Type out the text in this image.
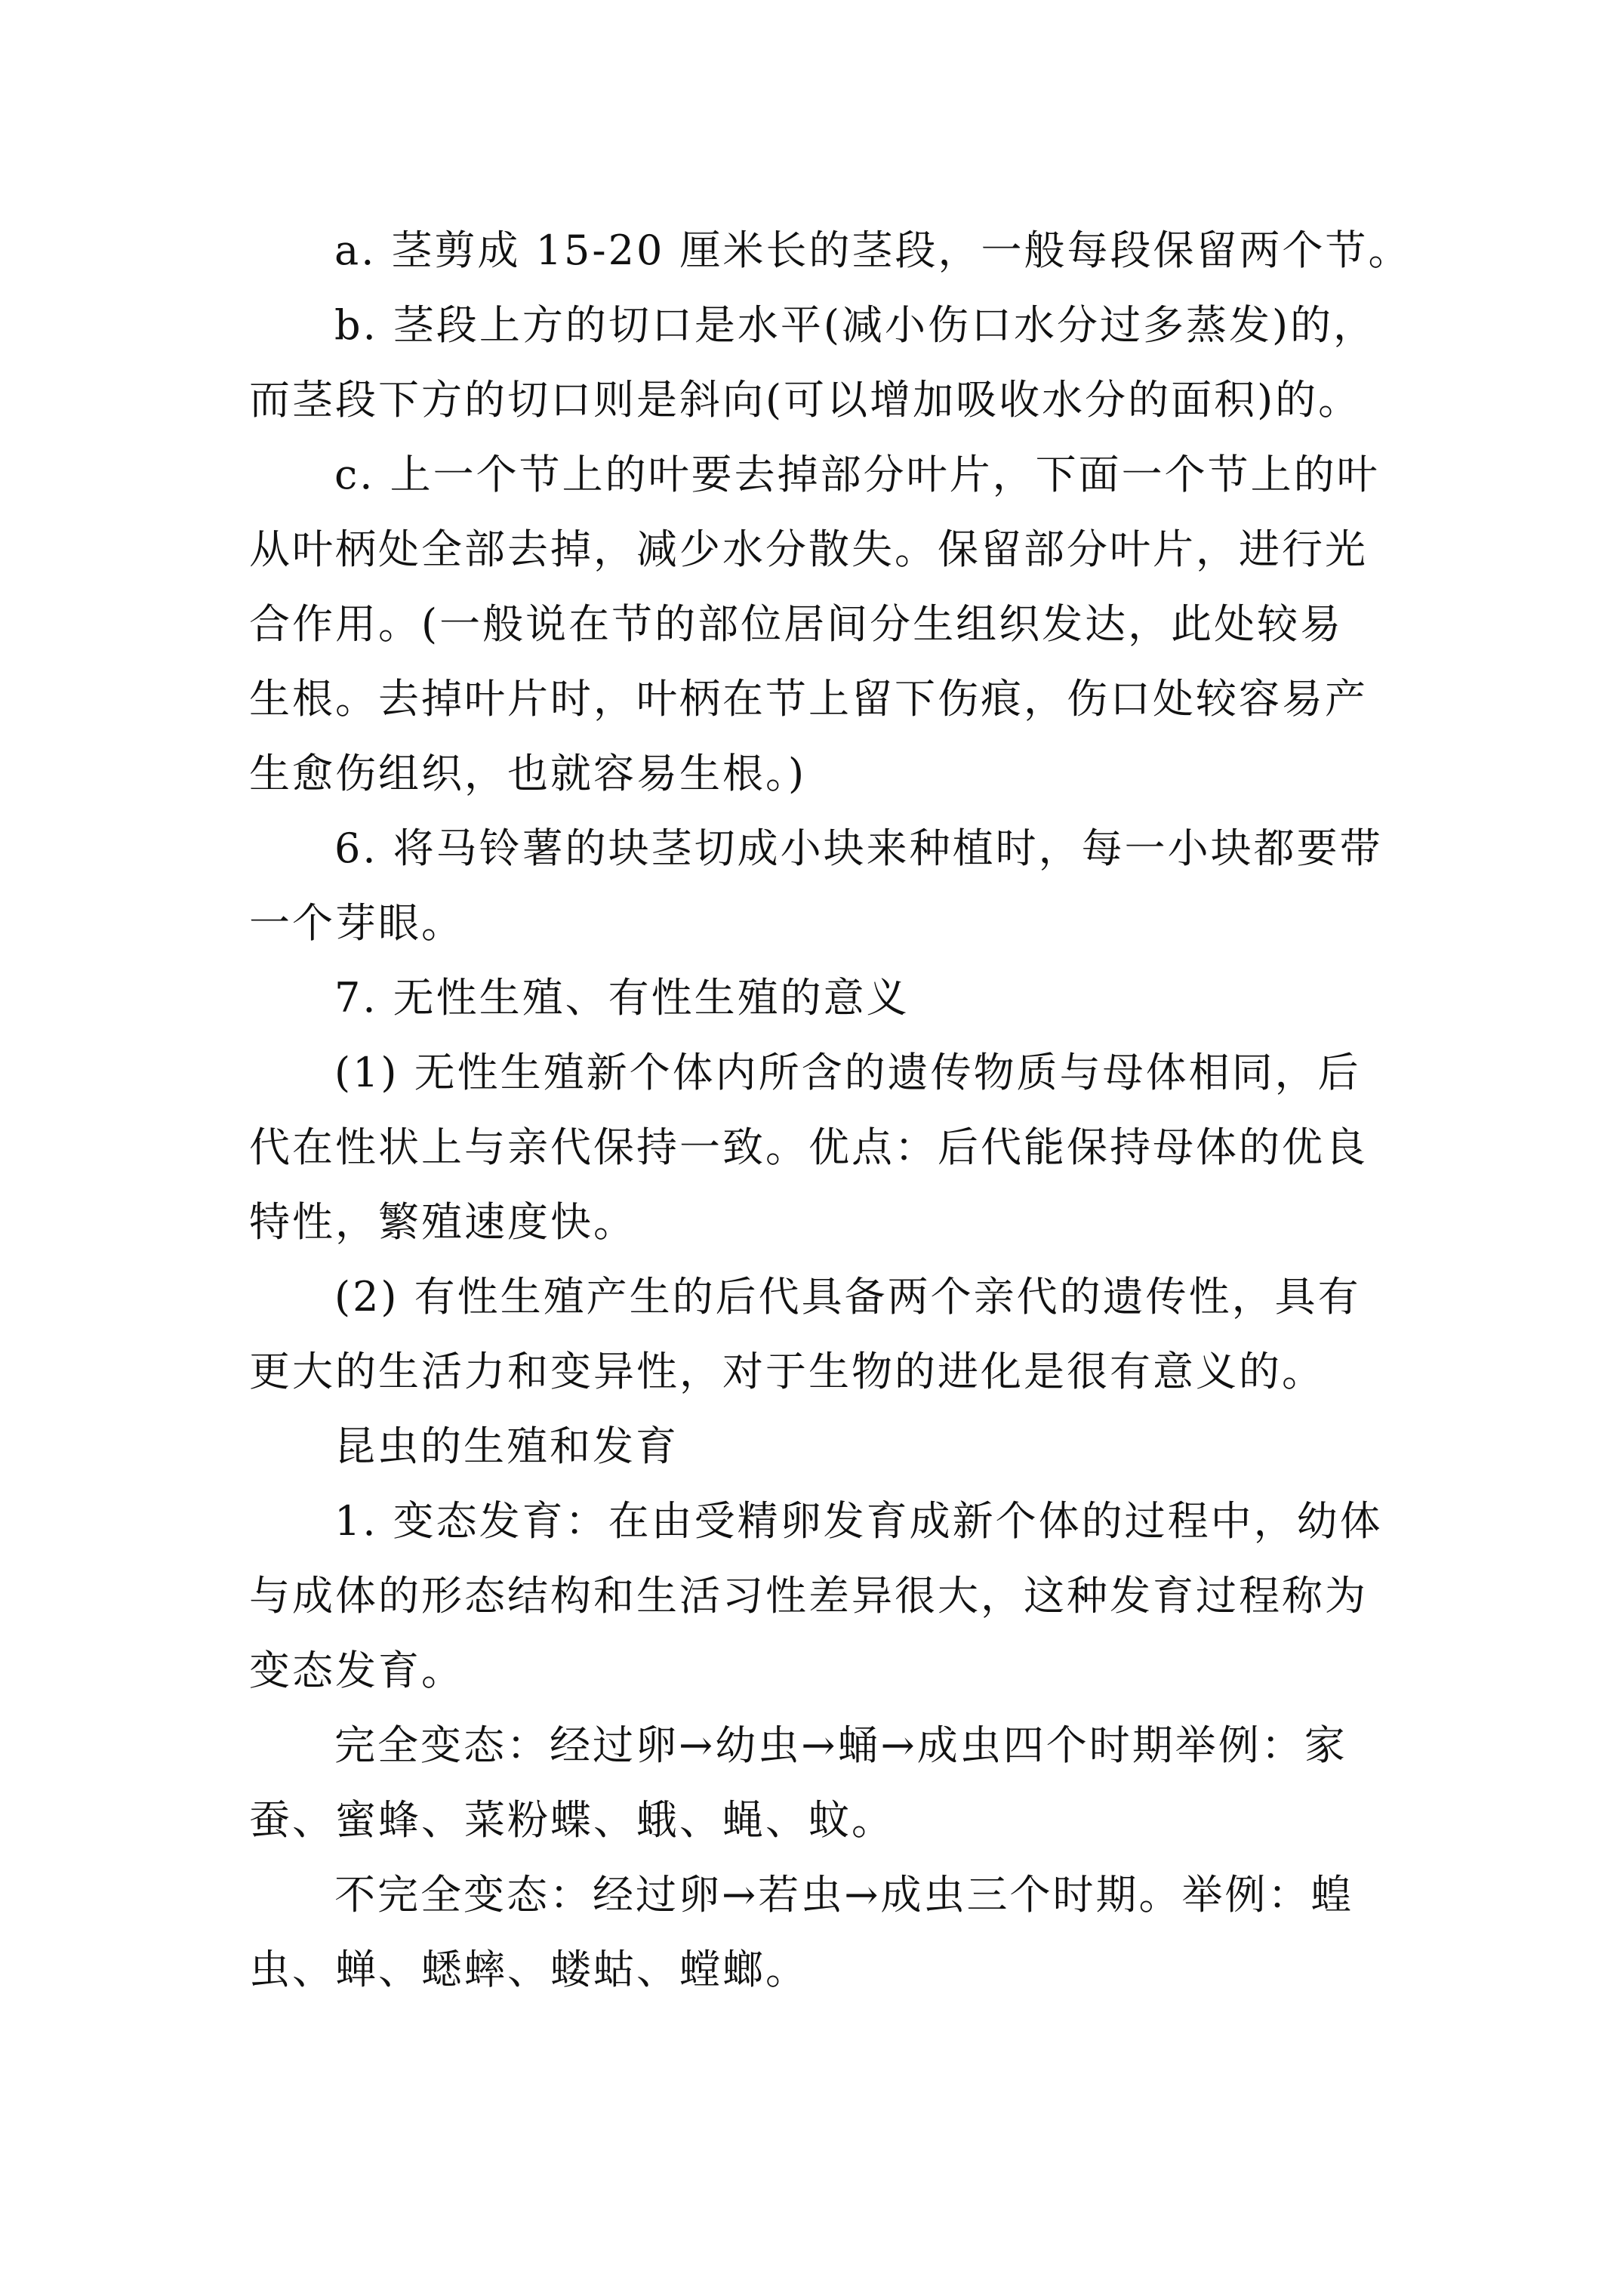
a. 茎剪成 15-20 厘米长的茎段，一般每段保留两个节。
b. 茎段上方的切口是水平(减小伤口水分过多蒸发)的，
而茎段下方的切口则是斜向(可以增加吸收水分的面积)的。
c. 上一个节上的叶要去掉部分叶片，下面一个节上的叶
从叶柄处全部去掉，减少水分散失。保留部分叶片，进行光
合作用。(一般说在节的部位居间分生组织发达，此处较易
生根。去掉叶片时，叶柄在节上留下伤痕，伤口处较容易产
生愈伤组织，也就容易生根。)
6. 将马铃薯的块茎切成小块来种植时，每一小块都要带
一个芽眼。
7. 无性生殖、有性生殖的意义
(1) 无性生殖新个体内所含的遗传物质与母体相同，后
代在性状上与亲代保持一致。优点：后代能保持母体的优良
特性，繁殖速度快。
(2) 有性生殖产生的后代具备两个亲代的遗传性，具有
更大的生活力和变异性，对于生物的进化是很有意义的。
昆虫的生殖和发育
1. 变态发育：在由受精卵发育成新个体的过程中，幼体
与成体的形态结构和生活习性差异很大，这种发育过程称为
变态发育。
完全变态：经过卵→幼虫→蛹→成虫四个时期举例：家
蚕、蜜蜂、菜粉蝶、蛾、蝇、蚊。
不完全变态：经过卵→若虫→成虫三个时期。举例：蝗
虫、蝉、蟋蟀、蝼蛄、螳螂。
